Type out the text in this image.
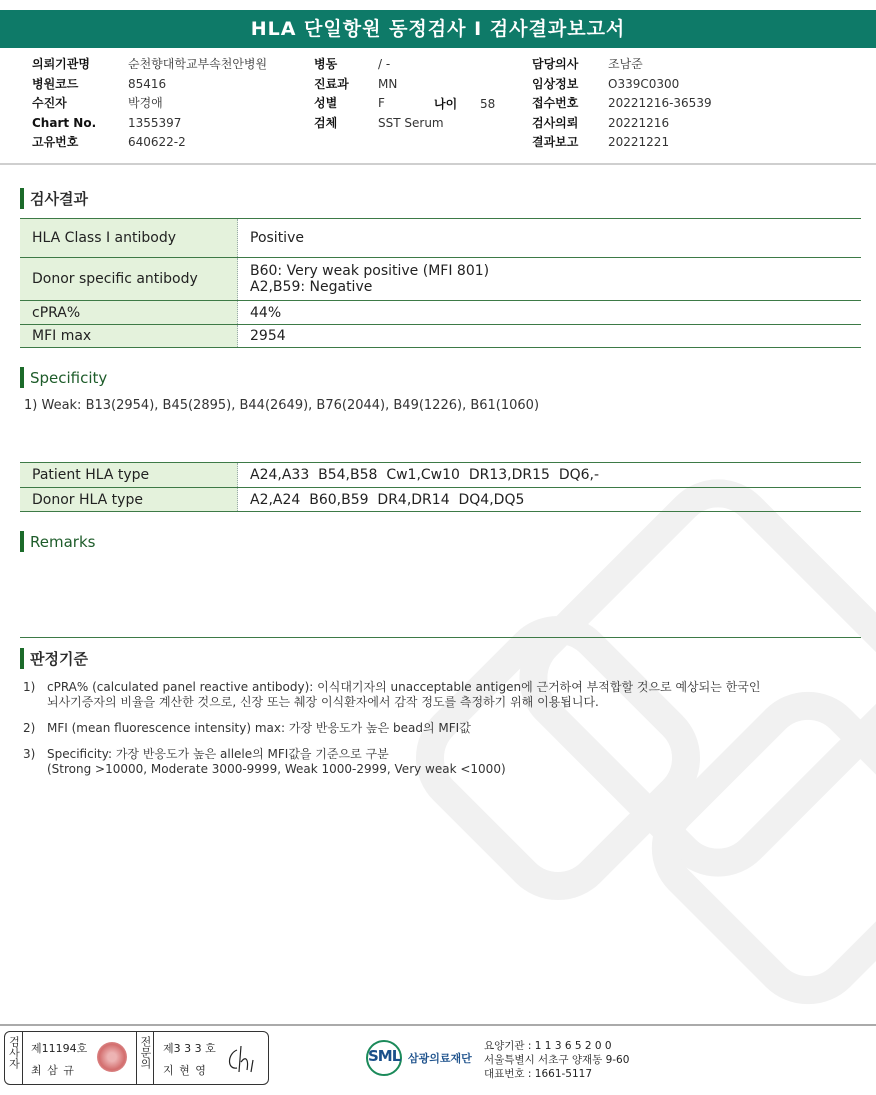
HLA 단일항원 동정검사 I 검사결과보고서
의뢰기관명	순천향대학교부속천안병원
병원코드	85416
수진자	박경애
Chart No.	1355397
고유번호	640622-2
병동	/ -
진료과	MN
성별	F
검체	SST Serum
나이	58
담당의사	조남준
임상정보	O339C0300
접수번호	20221216-36539
검사의뢰	20221216
결과보고	20221221
검사결과
HLA Class I antibody	Positive
Donor specific antibody	B60: Very weak positive (MFI 801)
A2,B59: Negative

cPRA%	44%
MFI max	2954
Specificity
1) Weak: B13(2954), B45(2895), B44(2649), B76(2044), B49(1226), B61(1060)
Patient HLA type	A24,A33  B54,B58  Cw1,Cw10  DR13,DR15  DQ6,-
Donor HLA type	A2,A24  B60,B59  DR4,DR14  DQ4,DQ5
Remarks
판정기준
1) cPRA% (calculated panel reactive antibody): 이식대기자의 unacceptable antigen에 근거하여 부적합할 것으로 예상되는 한국인
뇌사기증자의 비율을 계산한 것으로, 신장 또는 췌장 이식환자에서 감작 정도를 측정하기 위해 이용됩니다.
2) MFI (mean fluorescence intensity) max: 가장 반응도가 높은 bead의 MFI값
3) Specificity: 가장 반응도가 높은 allele의 MFI값을 기준으로 구분
(Strong >10000, Moderate 3000-9999, Weak 1000-2999, Very weak <1000)
검사자 제11194호
최 삼 규
전문의 제3 3 3 호
지 현 영
SML 삼광의료재단
요양기관 : 1 1 3 6 5 2 0 0
서울특별시 서초구 양재동 9-60
대표번호 : 1661-5117
